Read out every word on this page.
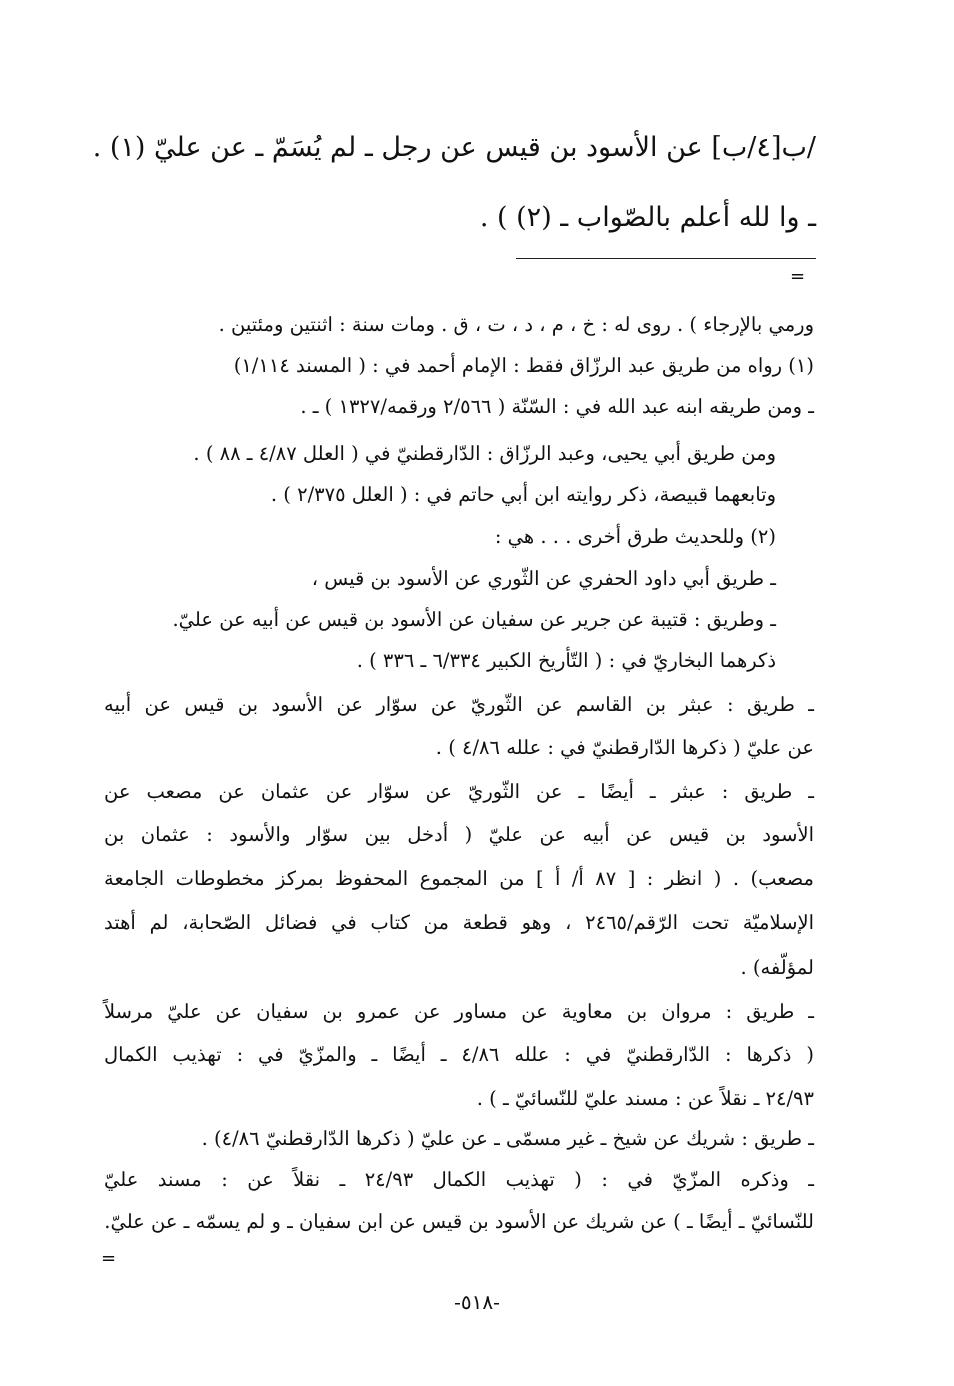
/ب[٤/ب] عن الأسود بن قيس عن رجل ـ لم يُسَمّ ـ عن عليّ (١) .
ـ وا لله أعلم بالصّواب ـ (٢) ) .
=
ورمي بالإرجاء ) . روى له : خ ، م ، د ، ت ، ق . ومات سنة : اثنتين ومئتين .
(١) رواه من طريق عبد الرزّاق فقط : الإمام أحمد في : ( المسند ١/١١٤)
ـ ومن طريقه ابنه عبد الله في : السّنّة ( ٢/٥٦٦ ورقمه/١٣٢٧ ) ـ .
ومن طريق أبي يحيى، وعبد الرزّاق : الدّارقطنيّ في ( العلل ٤/٨٧ ـ ٨٨ ) .
وتابعهما قبيصة، ذكر روايته ابن أبي حاتم في : ( العلل ٢/٣٧٥ ) .
(٢) وللحديث طرق أخرى . . . هي :
ـ طريق أبي داود الحفري عن الثّوري عن الأسود بن قيس ،
ـ وطريق : قتيبة عن جرير عن سفيان عن الأسود بن قيس عن أبيه عن عليّ.
ذكرهما البخاريّ في : ( التّأريخ الكبير ٦/٣٣٤ ـ ٣٣٦ ) .
ـ طريق : عبثر بن القاسم عن الثّوريّ عن سوّار عن الأسود بن قيس عن أبيه
عن عليّ ( ذكرها الدّارقطنيّ في : علله ٤/٨٦ ) .
ـ طريق : عبثر ـ أيضًا ـ عن الثّوريّ عن سوّار عن عثمان عن مصعب عن
الأسود بن قيس عن أبيه عن عليّ ( أدخل بين سوّار والأسود : عثمان بن
مصعب) . ( انظر : [ ٨٧ أ/ أ ] من المجموع المحفوظ بمركز مخطوطات الجامعة
الإسلاميّة تحت الرّقم/٢٤٦٥ ، وهو قطعة من كتاب في فضائل الصّحابة، لم أهتد
لمؤلّفه) .
ـ طريق : مروان بن معاوية عن مساور عن عمرو بن سفيان عن عليّ مرسلاً
( ذكرها : الدّارقطنيّ في : علله ٤/٨٦ ـ أيضًا ـ والمزّيّ في : تهذيب الكمال
٢٤/٩٣ ـ نقلاً عن : مسند عليّ للنّسائيّ ـ ) .
ـ طريق : شريك عن شيخ ـ غير مسمّى ـ عن عليّ ( ذكرها الدّارقطنيّ ٤/٨٦) .
ـ وذكره المزّيّ في : ( تهذيب الكمال ٢٤/٩٣ ـ نقلاً عن : مسند عليّ
للنّسائيّ ـ أيضًا ـ ) عن شريك عن الأسود بن قيس عن ابن سفيان ـ و لم يسمّه ـ عن عليّ.
=
-٥١٨-
